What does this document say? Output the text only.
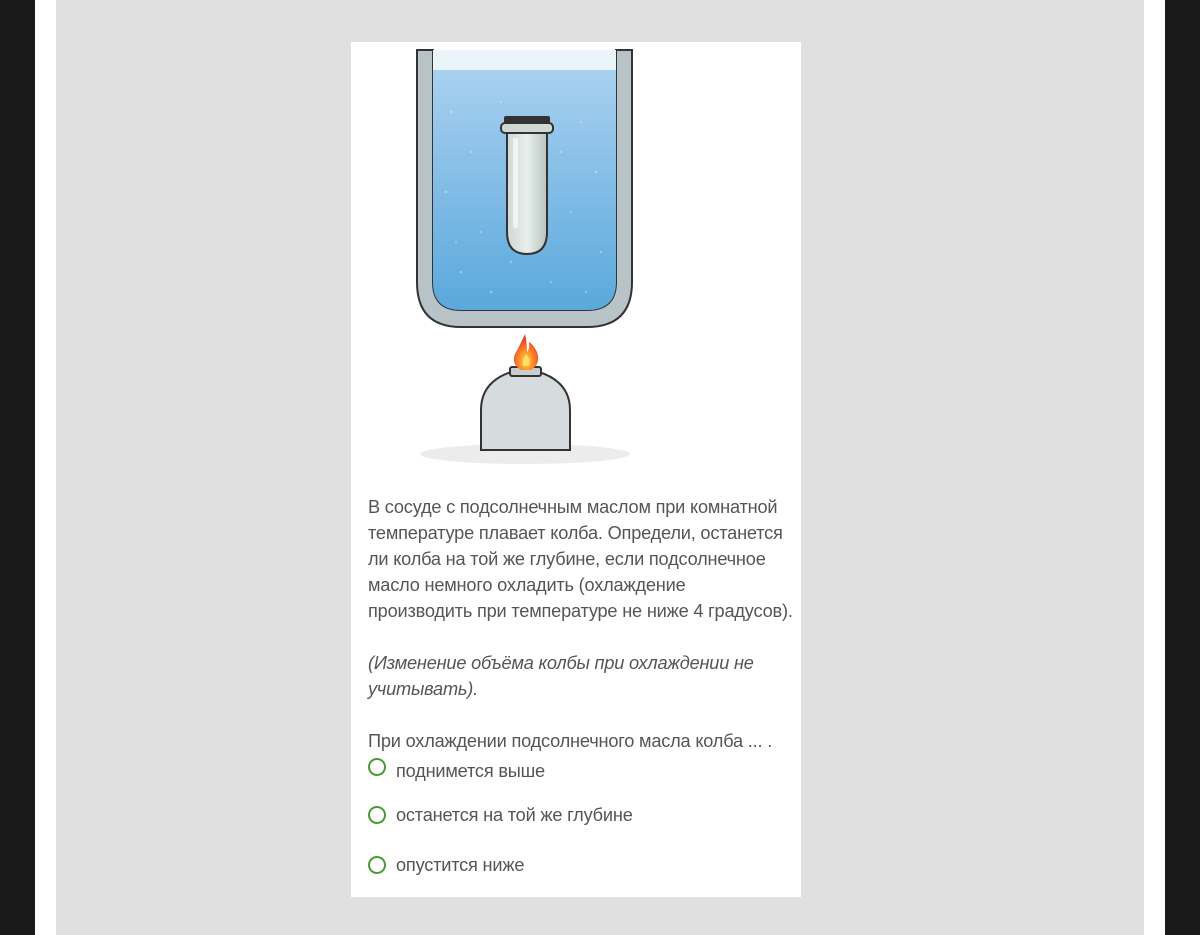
В сосуде с подсолнечным маслом при комнатной температуре плавает колба. Определи, останется ли колба на той же глубине, если подсолнечное масло немного охладить (охлаждение производить при температуре не ниже 4 градусов).

(Изменение объёма колбы при охлаждении не учитывать).

При охлаждении подсолнечного масла колба ... .

поднимется выше
останется на той же глубине
опустится ниже
